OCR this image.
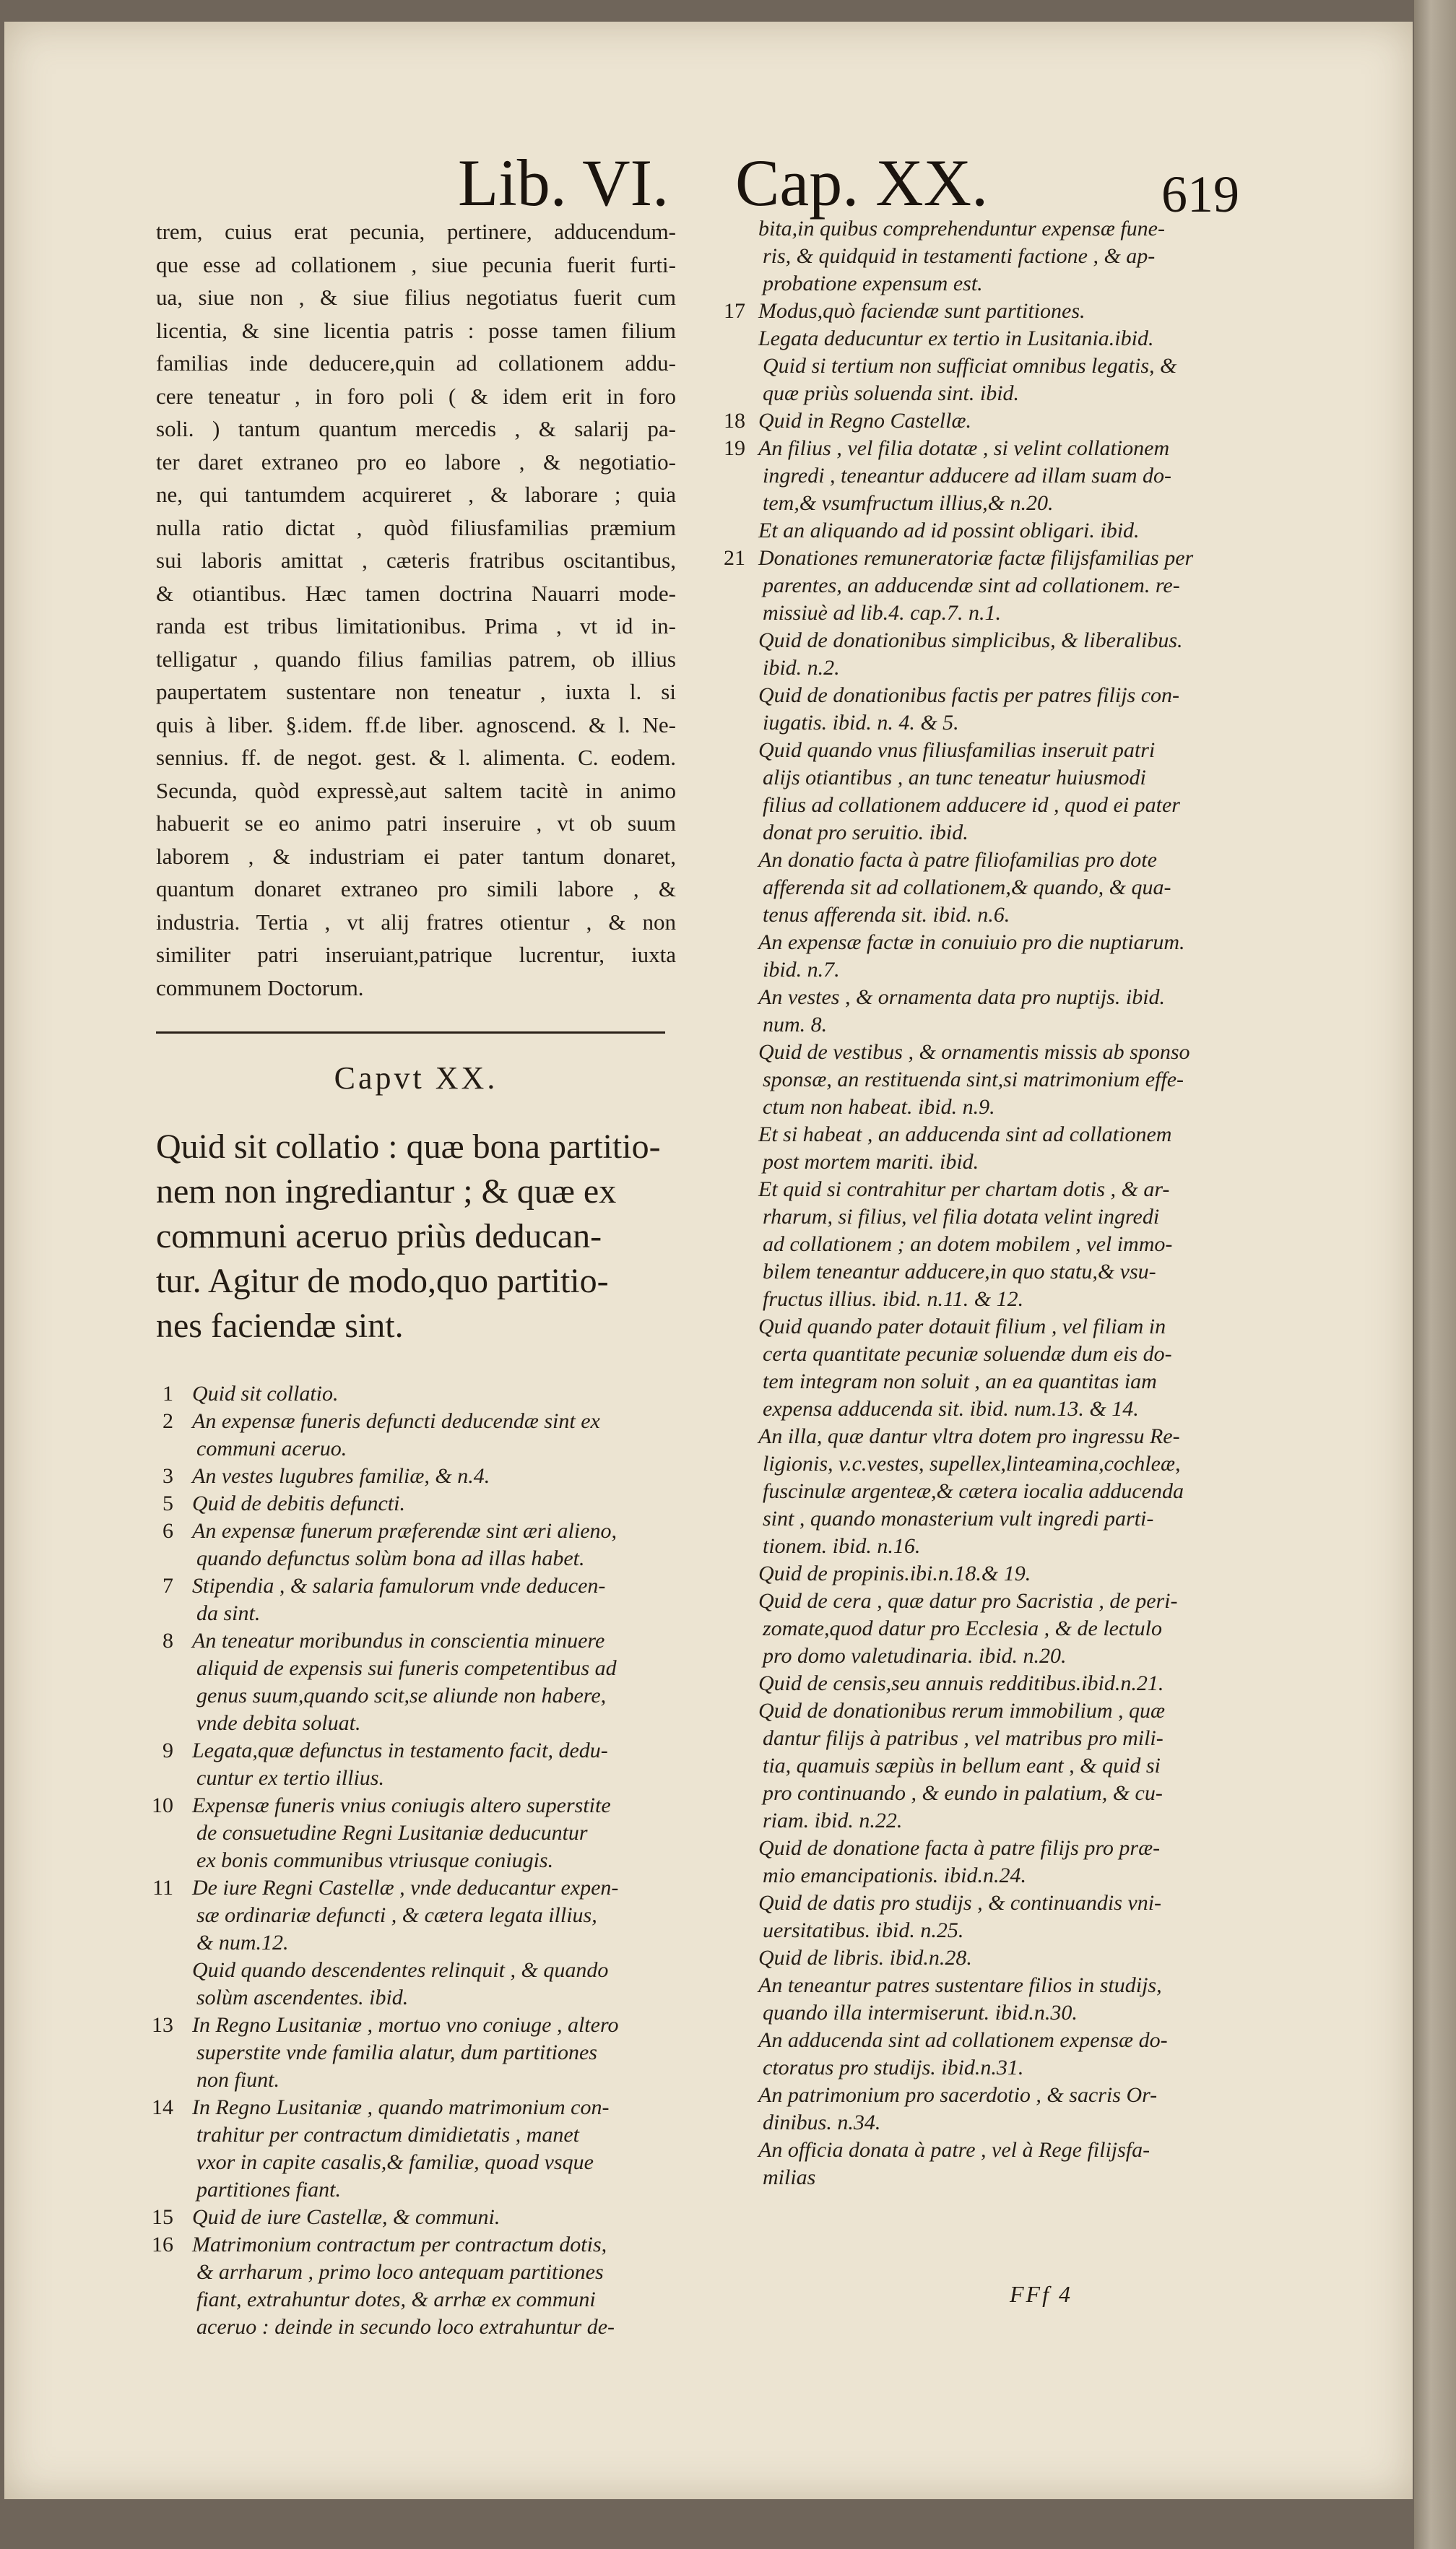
Lib. VI. Cap. XX.	619
trem, cuius erat pecunia, pertinere, adducendum-
que esse ad collationem , siue pecunia fuerit furti-
ua, siue non , & siue filius negotiatus fuerit cum
licentia, & sine licentia patris : posse tamen filium
familias inde deducere,quin ad collationem addu-
cere teneatur , in foro poli ( & idem erit in foro
soli. ) tantum quantum mercedis , & salarij pa-
ter daret extraneo pro eo labore , & negotiatio-
ne, qui tantumdem acquireret , & laborare ; quia
nulla ratio dictat , quòd filiusfamilias præmium
sui laboris amittat , cæteris fratribus oscitantibus,
& otiantibus. Hæc tamen doctrina Nauarri mode-
randa est tribus limitationibus. Prima , vt id in-
telligatur , quando filius familias patrem, ob illius
paupertatem sustentare non teneatur , iuxta l. si
quis à liber. §.idem. ff.de liber. agnoscend. & l. Ne-
sennius. ff. de negot. gest. & l. alimenta. C. eodem.
Secunda, quòd expressè,aut saltem tacitè in animo
habuerit se eo animo patri inseruire , vt ob suum
laborem , & industriam ei pater tantum donaret,
quantum donaret extraneo pro simili labore , &
industria. Tertia , vt alij fratres otientur , & non
similiter patri inseruiant,patrique lucrentur, iuxta
communem Doctorum.
Capvt XX.
Quid sit collatio : quæ bona partitio-
nem non ingrediantur ; & quæ ex
communi aceruo priùs deducan-
tur. Agitur de modo,quo partitio-
nes faciendæ sint.
1 Quid sit collatio.
2 An expensæ funeris defuncti deducendæ sint ex
communi aceruo.
3 An vestes lugubres familiæ, & n.4.
5 Quid de debitis defuncti.
6 An expensæ funerum præferendæ sint æri alieno,
quando defunctus solùm bona ad illas habet.
7 Stipendia , & salaria famulorum vnde deducen-
da sint.
8 An teneatur moribundus in conscientia minuere
aliquid de expensis sui funeris competentibus ad
genus suum,quando scit,se aliunde non habere,
vnde debita soluat.
9 Legata,quæ defunctus in testamento facit, dedu-
cuntur ex tertio illius.
10 Expensæ funeris vnius coniugis altero superstite
de consuetudine Regni Lusitaniæ deducuntur
ex bonis communibus vtriusque coniugis.
11 De iure Regni Castellæ , vnde deducantur expen-
sæ ordinariæ defuncti , & cætera legata illius,
& num.12.
Quid quando descendentes relinquit , & quando
solùm ascendentes. ibid.
13 In Regno Lusitaniæ , mortuo vno coniuge , altero
superstite vnde familia alatur, dum partitiones
non fiunt.
14 In Regno Lusitaniæ , quando matrimonium con-
trahitur per contractum dimidietatis , manet
vxor in capite casalis,& familiæ, quoad vsque
partitiones fiant.
15 Quid de iure Castellæ, & communi.
16 Matrimonium contractum per contractum dotis,
& arrharum , primo loco antequam partitiones
fiant, extrahuntur dotes, & arrhæ ex communi
aceruo : deinde in secundo loco extrahuntur de-
bita,in quibus comprehenduntur expensæ fune-
ris, & quidquid in testamenti factione , & ap-
probatione expensum est.
17 Modus,quò faciendæ sunt partitiones.
Legata deducuntur ex tertio in Lusitania.ibid.
Quid si tertium non sufficiat omnibus legatis, &
quæ priùs soluenda sint. ibid.
18 Quid in Regno Castellæ.
19 An filius , vel filia dotatæ , si velint collationem
ingredi , teneantur adducere ad illam suam do-
tem,& vsumfructum illius,& n.20.
Et an aliquando ad id possint obligari. ibid.
21 Donationes remuneratoriæ factæ filijsfamilias per
parentes, an adducendæ sint ad collationem. re-
missiuè ad lib.4. cap.7. n.1.
Quid de donationibus simplicibus, & liberalibus.
ibid. n.2.
Quid de donationibus factis per patres filijs con-
iugatis. ibid. n. 4. & 5.
Quid quando vnus filiusfamilias inseruit patri
alijs otiantibus , an tunc teneatur huiusmodi
filius ad collationem adducere id , quod ei pater
donat pro seruitio. ibid.
An donatio facta à patre filiofamilias pro dote
afferenda sit ad collationem,& quando, & qua-
tenus afferenda sit. ibid. n.6.
An expensæ factæ in conuiuio pro die nuptiarum.
ibid. n.7.
An vestes , & ornamenta data pro nuptijs. ibid.
num. 8.
Quid de vestibus , & ornamentis missis ab sponso
sponsæ, an restituenda sint,si matrimonium effe-
ctum non habeat. ibid. n.9.
Et si habeat , an adducenda sint ad collationem
post mortem mariti. ibid.
Et quid si contrahitur per chartam dotis , & ar-
rharum, si filius, vel filia dotata velint ingredi
ad collationem ; an dotem mobilem , vel immo-
bilem teneantur adducere,in quo statu,& vsu-
fructus illius. ibid. n.11. & 12.
Quid quando pater dotauit filium , vel filiam in
certa quantitate pecuniæ soluendæ dum eis do-
tem integram non soluit , an ea quantitas iam
expensa adducenda sit. ibid. num.13. & 14.
An illa, quæ dantur vltra dotem pro ingressu Re-
ligionis, v.c.vestes, supellex,linteamina,cochleæ,
fuscinulæ argenteæ,& cætera iocalia adducenda
sint , quando monasterium vult ingredi parti-
tionem. ibid. n.16.
Quid de propinis.ibi.n.18.& 19.
Quid de cera , quæ datur pro Sacristia , de peri-
zomate,quod datur pro Ecclesia , & de lectulo
pro domo valetudinaria. ibid. n.20.
Quid de censis,seu annuis redditibus.ibid.n.21.
Quid de donationibus rerum immobilium , quæ
dantur filijs à patribus , vel matribus pro mili-
tia, quamuis sæpiùs in bellum eant , & quid si
pro continuando , & eundo in palatium, & cu-
riam. ibid. n.22.
Quid de donatione facta à patre filijs pro præ-
mio emancipationis. ibid.n.24.
Quid de datis pro studijs , & continuandis vni-
uersitatibus. ibid. n.25.
Quid de libris. ibid.n.28.
An teneantur patres sustentare filios in studijs,
quando illa intermiserunt. ibid.n.30.
An adducenda sint ad collationem expensæ do-
ctoratus pro studijs. ibid.n.31.
An patrimonium pro sacerdotio , & sacris Or-
dinibus. n.34.
An officia donata à patre , vel à Rege filijsfa-
milias
FFf 4
